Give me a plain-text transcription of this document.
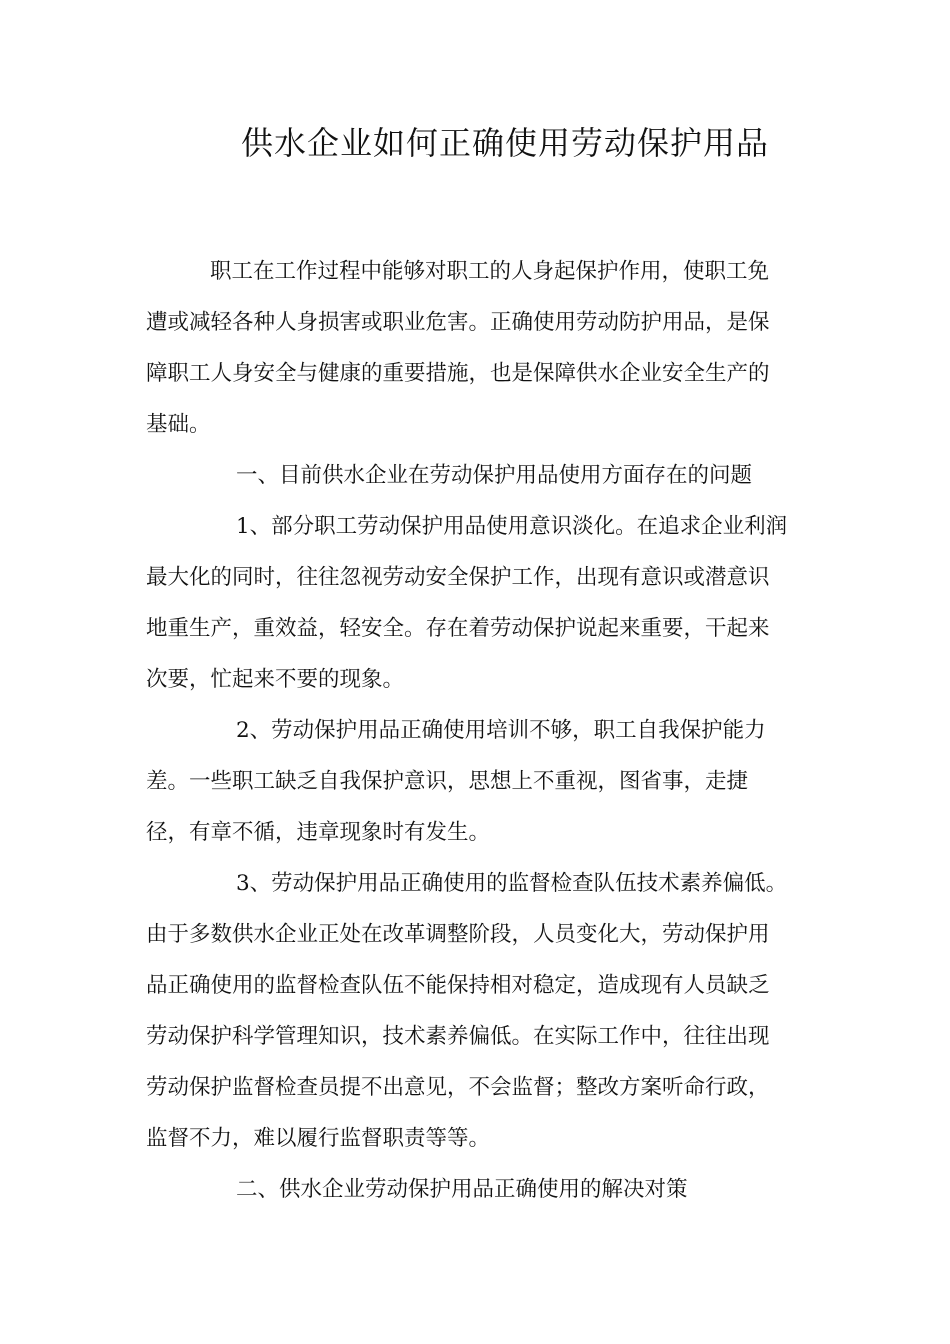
供水企业如何正确使用劳动保护用品
职工在工作过程中能够对职工的人身起保护作用，使职工免
遭或减轻各种人身损害或职业危害。正确使用劳动防护用品，是保
障职工人身安全与健康的重要措施，也是保障供水企业安全生产的
基础。
一、目前供水企业在劳动保护用品使用方面存在的问题
1、部分职工劳动保护用品使用意识淡化。在追求企业利润
最大化的同时，往往忽视劳动安全保护工作，出现有意识或潜意识
地重生产，重效益，轻安全。存在着劳动保护说起来重要，干起来
次要，忙起来不要的现象。
2、劳动保护用品正确使用培训不够，职工自我保护能力
差。一些职工缺乏自我保护意识，思想上不重视，图省事，走捷
径，有章不循，违章现象时有发生。
3、劳动保护用品正确使用的监督检查队伍技术素养偏低。
由于多数供水企业正处在改革调整阶段，人员变化大，劳动保护用
品正确使用的监督检查队伍不能保持相对稳定，造成现有人员缺乏
劳动保护科学管理知识，技术素养偏低。在实际工作中，往往出现
劳动保护监督检查员提不出意见，不会监督；整改方案听命行政，
监督不力，难以履行监督职责等等。
二、供水企业劳动保护用品正确使用的解决对策
